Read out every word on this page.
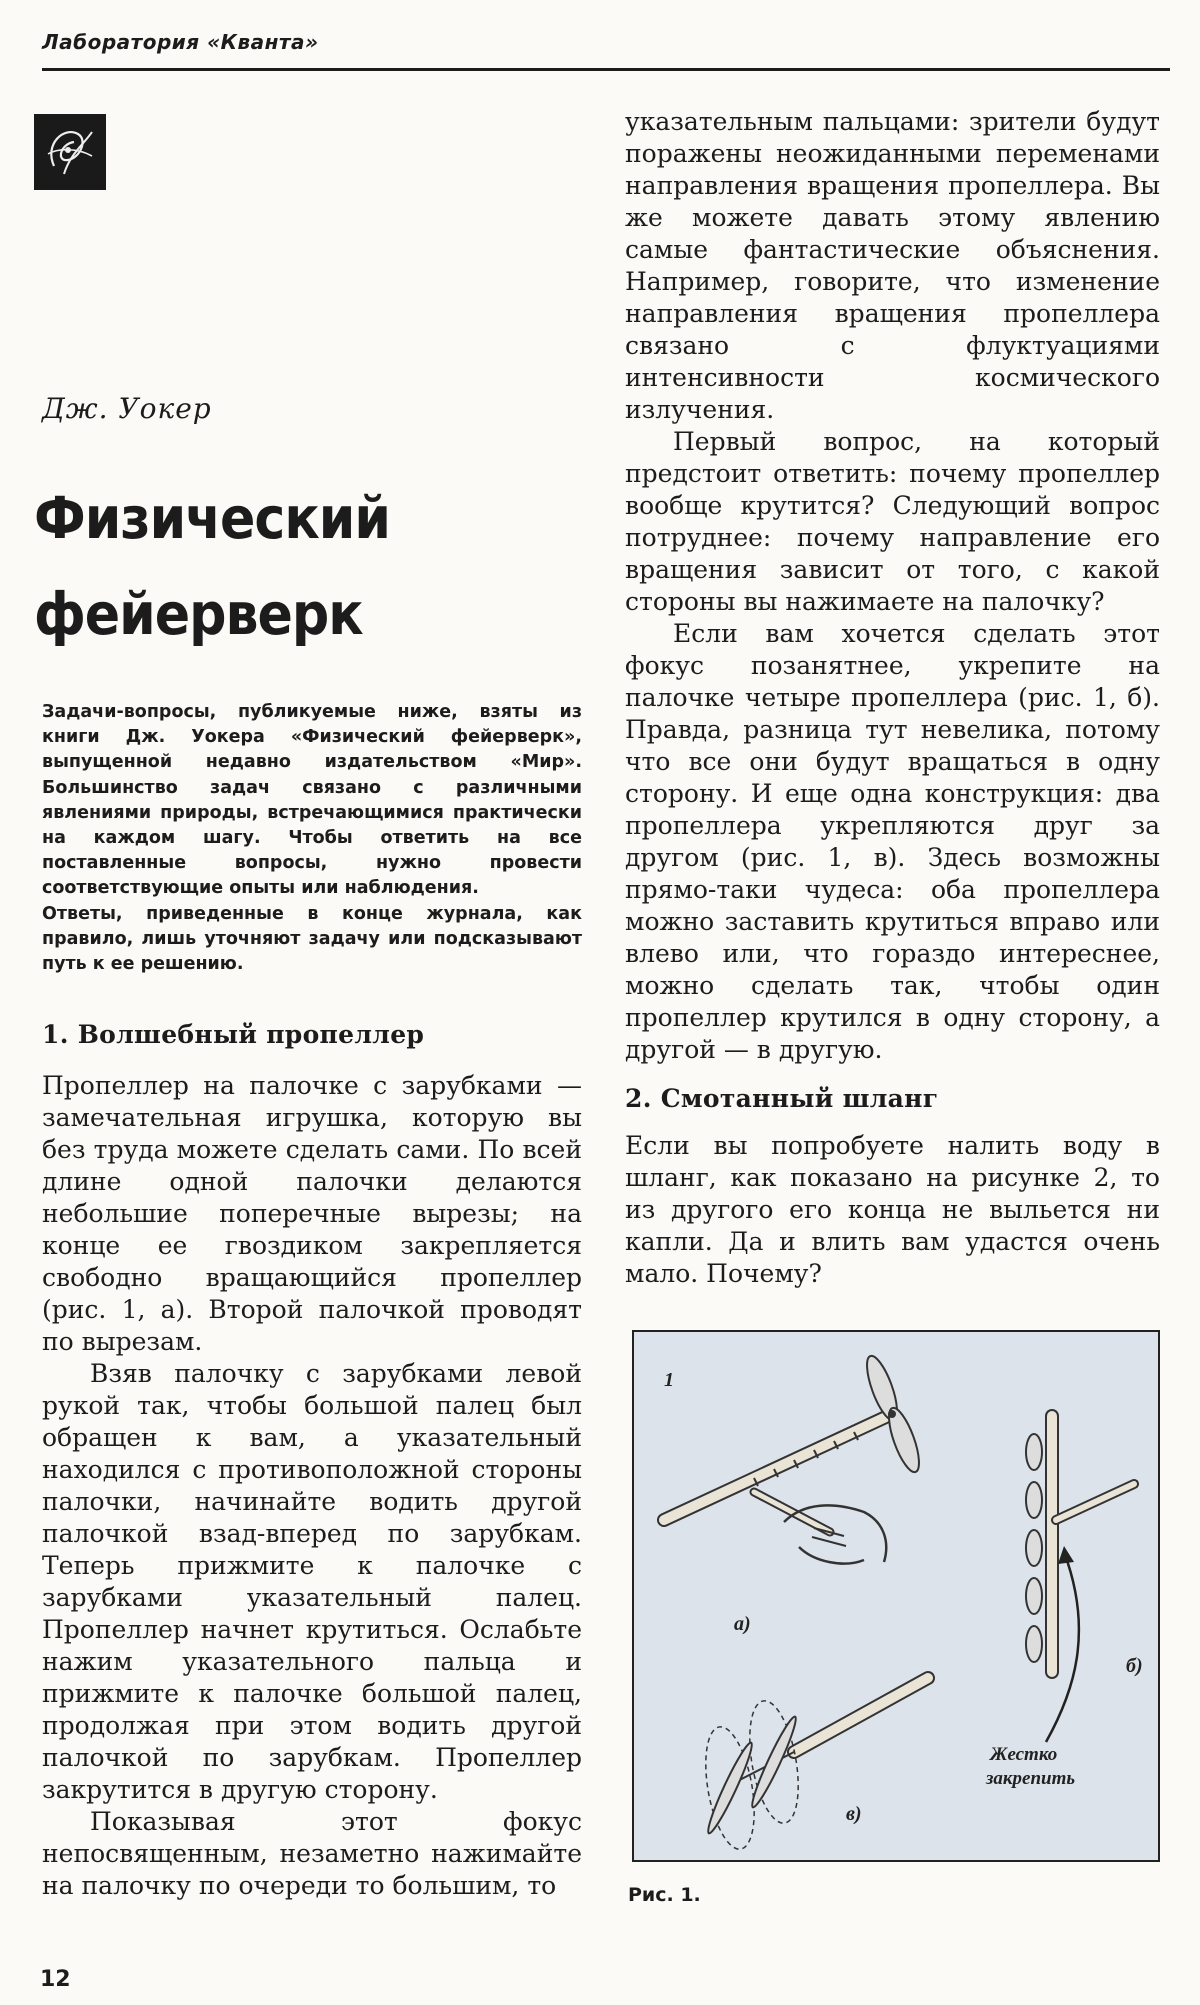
Лаборатория «Кванта»
Дж. Уокер
Физический фейерверк

Задачи-вопросы, публикуемые ниже, взяты из книги Дж. Уокера «Физический фейерверк», выпущенной недавно издательством «Мир». Большинство задач связано с различными явлениями природы, встречающимися практически на каждом шагу. Чтобы ответить на все поставленные вопросы, нужно провести соответствующие опыты или наблюдения.

Ответы, приведенные в конце журнала, как правило, лишь уточняют задачу или подсказывают путь к ее решению.

1. Волшебный пропеллер

Пропеллер на палочке с зарубками — замечательная игрушка, которую вы без труда можете сделать сами. По всей длине одной палочки делаются небольшие поперечные вырезы; на конце ее гвоздиком закрепляется свободно вращающийся пропеллер (рис. 1, а). Второй палочкой проводят по вырезам.

Взяв палочку с зарубками левой рукой так, чтобы большой палец был обращен к вам, а указательный находился с противоположной стороны палочки, начинайте водить другой палочкой взад-вперед по зарубкам. Теперь прижмите к палочке с зарубками указательный палец. Пропеллер начнет крутиться. Ослабьте нажим указательного пальца и прижмите к палочке большой палец, продолжая при этом водить другой палочкой по зарубкам. Пропеллер закрутится в другую сторону.

Показывая этот фокус непосвященным, незаметно нажимайте на палочку по очереди то большим, то

указательным пальцами: зрители будут поражены неожиданными переменами направления вращения пропеллера. Вы же можете давать этому явлению самые фантастические объяснения. Например, говорите, что изменение направления вращения пропеллера связано с флуктуациями интенсивности космического излучения.

Первый вопрос, на который предстоит ответить: почему пропеллер вообще крутится? Следующий вопрос потруднее: почему направление его вращения зависит от того, с какой стороны вы нажимаете на палочку?

Если вам хочется сделать этот фокус позанятнее, укрепите на палочке четыре пропеллера (рис. 1, б). Правда, разница тут невелика, потому что все они будут вращаться в одну сторону. И еще одна конструкция: два пропеллера укрепляются друг за другом (рис. 1, в). Здесь возможны прямо-таки чудеса: оба пропеллера можно заставить крутиться вправо или влево или, что гораздо интереснее, можно сделать так, чтобы один пропеллер крутился в одну сторону, а другой — в другую.

2. Смотанный шланг

Если вы попробуете налить воду в шланг, как показано на рисунке 2, то из другого его конца не выльется ни капли. Да и влить вам удастся очень мало. Почему?

1
а)
б)
Жестко
закрепить
в)
Рис. 1.
12
